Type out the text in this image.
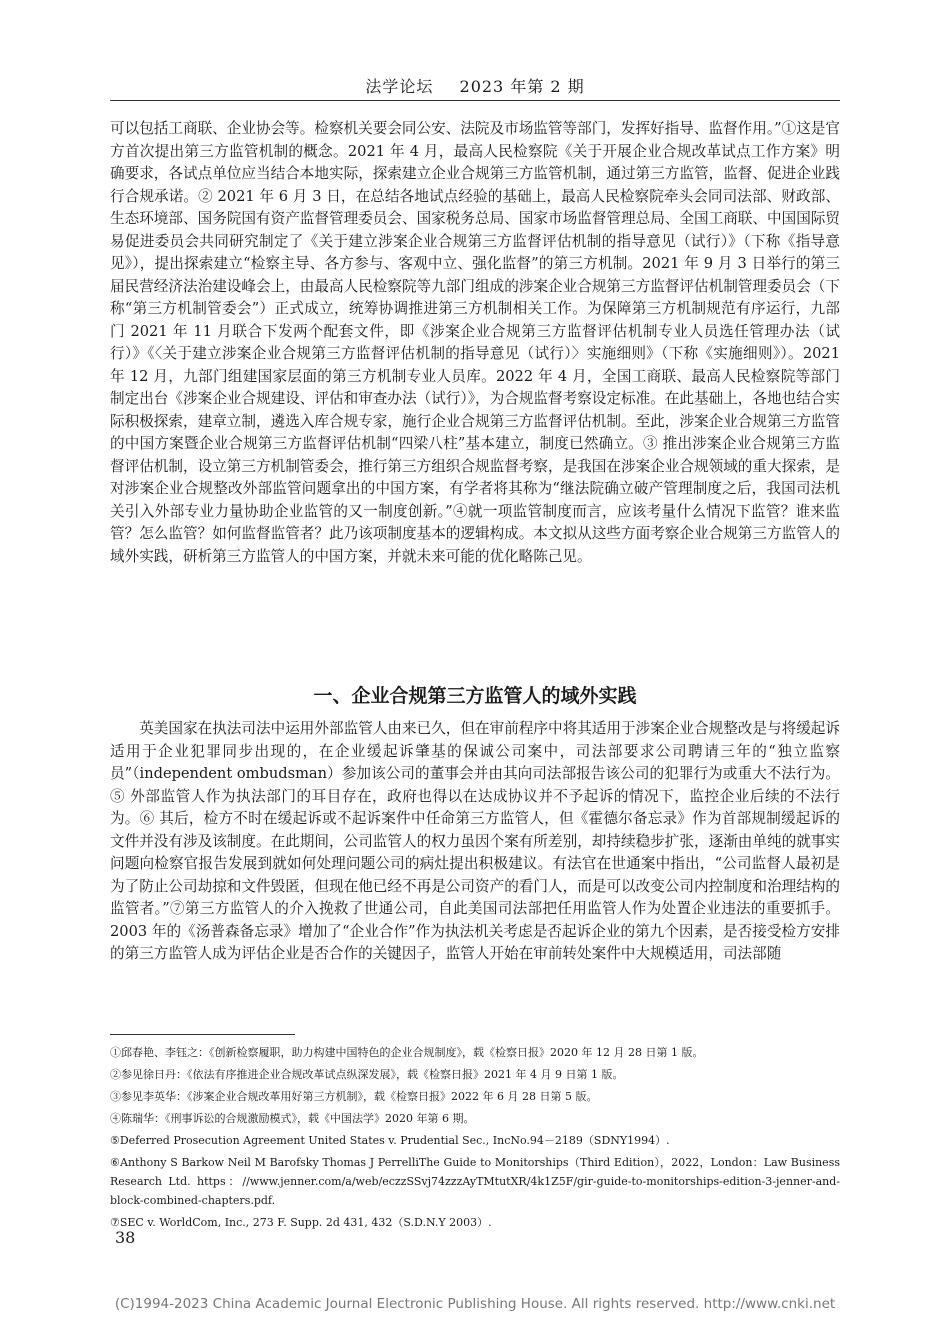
法学论坛 2023 年第 2 期

可以包括工商联、企业协会等。检察机关要会同公安、法院及市场监管等部门，发挥好指导、监督作用。”①这是官方首次提出第三方监管机制的概念。2021 年 4 月，最高人民检察院《关于开展企业合规改革试点工作方案》明确要求，各试点单位应当结合本地实际，探索建立企业合规第三方监管机制，通过第三方监管，监督、促进企业践行合规承诺。② 2021 年 6 月 3 日，在总结各地试点经验的基础上，最高人民检察院牵头会同司法部、财政部、生态环境部、国务院国有资产监督管理委员会、国家税务总局、国家市场监督管理总局、全国工商联、中国国际贸易促进委员会共同研究制定了《关于建立涉案企业合规第三方监督评估机制的指导意见（试行）》（下称《指导意见》），提出探索建立“检察主导、各方参与、客观中立、强化监督”的第三方机制。2021 年 9 月 3 日举行的第三届民营经济法治建设峰会上，由最高人民检察院等九部门组成的涉案企业合规第三方监督评估机制管理委员会（下称“第三方机制管委会”）正式成立，统筹协调推进第三方机制相关工作。为保障第三方机制规范有序运行，九部门 2021 年 11 月联合下发两个配套文件，即《涉案企业合规第三方监督评估机制专业人员选任管理办法（试行）》《〈关于建立涉案企业合规第三方监督评估机制的指导意见（试行）〉实施细则》（下称《实施细则》）。2021 年 12 月，九部门组建国家层面的第三方机制专业人员库。2022 年 4 月，全国工商联、最高人民检察院等部门制定出台《涉案企业合规建设、评估和审查办法（试行）》，为合规监督考察设定标准。在此基础上，各地也结合实际积极探索，建章立制，遴选入库合规专家，施行企业合规第三方监督评估机制。至此，涉案企业合规第三方监管的中国方案暨企业合规第三方监督评估机制“四梁八柱”基本建立，制度已然确立。③ 推出涉案企业合规第三方监督评估机制，设立第三方机制管委会，推行第三方组织合规监督考察，是我国在涉案企业合规领域的重大探索，是对涉案企业合规整改外部监管问题拿出的中国方案，有学者将其称为“继法院确立破产管理制度之后，我国司法机关引入外部专业力量协助企业监管的又一制度创新。”④就一项监管制度而言，应该考量什么情况下监管？谁来监管？怎么监管？如何监督监管者？此乃该项制度基本的逻辑构成。本文拟从这些方面考察企业合规第三方监管人的域外实践，研析第三方监管人的中国方案，并就未来可能的优化略陈己见。

一、企业合规第三方监管人的域外实践

英美国家在执法司法中运用外部监管人由来已久，但在审前程序中将其适用于涉案企业合规整改是与将缓起诉适用于企业犯罪同步出现的，在企业缓起诉肇基的保诚公司案中，司法部要求公司聘请三年的“独立监察员”（independent ombudsman）参加该公司的董事会并由其向司法部报告该公司的犯罪行为或重大不法行为。⑤ 外部监管人作为执法部门的耳目存在，政府也得以在达成协议并不予起诉的情况下，监控企业后续的不法行为。⑥ 其后，检方不时在缓起诉或不起诉案件中任命第三方监管人，但《霍德尔备忘录》作为首部规制缓起诉的文件并没有涉及该制度。在此期间，公司监管人的权力虽因个案有所差别，却持续稳步扩张，逐渐由单纯的就事实问题向检察官报告发展到就如何处理问题公司的病灶提出积极建议。有法官在世通案中指出，“公司监督人最初是为了防止公司劫掠和文件毁匿，但现在他已经不再是公司资产的看门人，而是可以改变公司内控制度和治理结构的监管者。”⑦第三方监管人的介入挽救了世通公司，自此美国司法部把任用监管人作为处置企业违法的重要抓手。2003 年的《汤普森备忘录》增加了“企业合作”作为执法机关考虑是否起诉企业的第九个因素，是否接受检方安排的第三方监管人成为评估企业是否合作的关键因子，监管人开始在审前转处案件中大规模适用，司法部随

①邱春艳、李钰之：《创新检察履职，助力构建中国特色的企业合规制度》，载《检察日报》2020 年 12 月 28 日第 1 版。

②参见徐日丹：《依法有序推进企业合规改革试点纵深发展》，载《检察日报》2021 年 4 月 9 日第 1 版。

③参见李英华：《涉案企业合规改革用好第三方机制》，载《检察日报》2022 年 6 月 28 日第 5 版。

④陈瑞华：《刑事诉讼的合规激励模式》，载《中国法学》2020 年第 6 期。

⑤Deferred Prosecution Agreement United States v. Prudential Sec., IncNo.94－2189（SDNY1994）.

⑥Anthony S Barkow Neil M Barofsky Thomas J PerrelliThe Guide to Monitorships（Third Edition），2022，London：Law Business Research Ltd. https：//www.jenner.com/a/web/eczzSSvj74zzzAyTMtutXR/4k1Z5F/gir-guide-to-monitorships-edition-3-jenner-and-block-combined-chapters.pdf.

⑦SEC v. WorldCom, Inc., 273 F. Supp. 2d 431, 432（S.D.N.Y 2003）.

38
(C)1994-2023 China Academic Journal Electronic Publishing House. All rights reserved. http://www.cnki.net
